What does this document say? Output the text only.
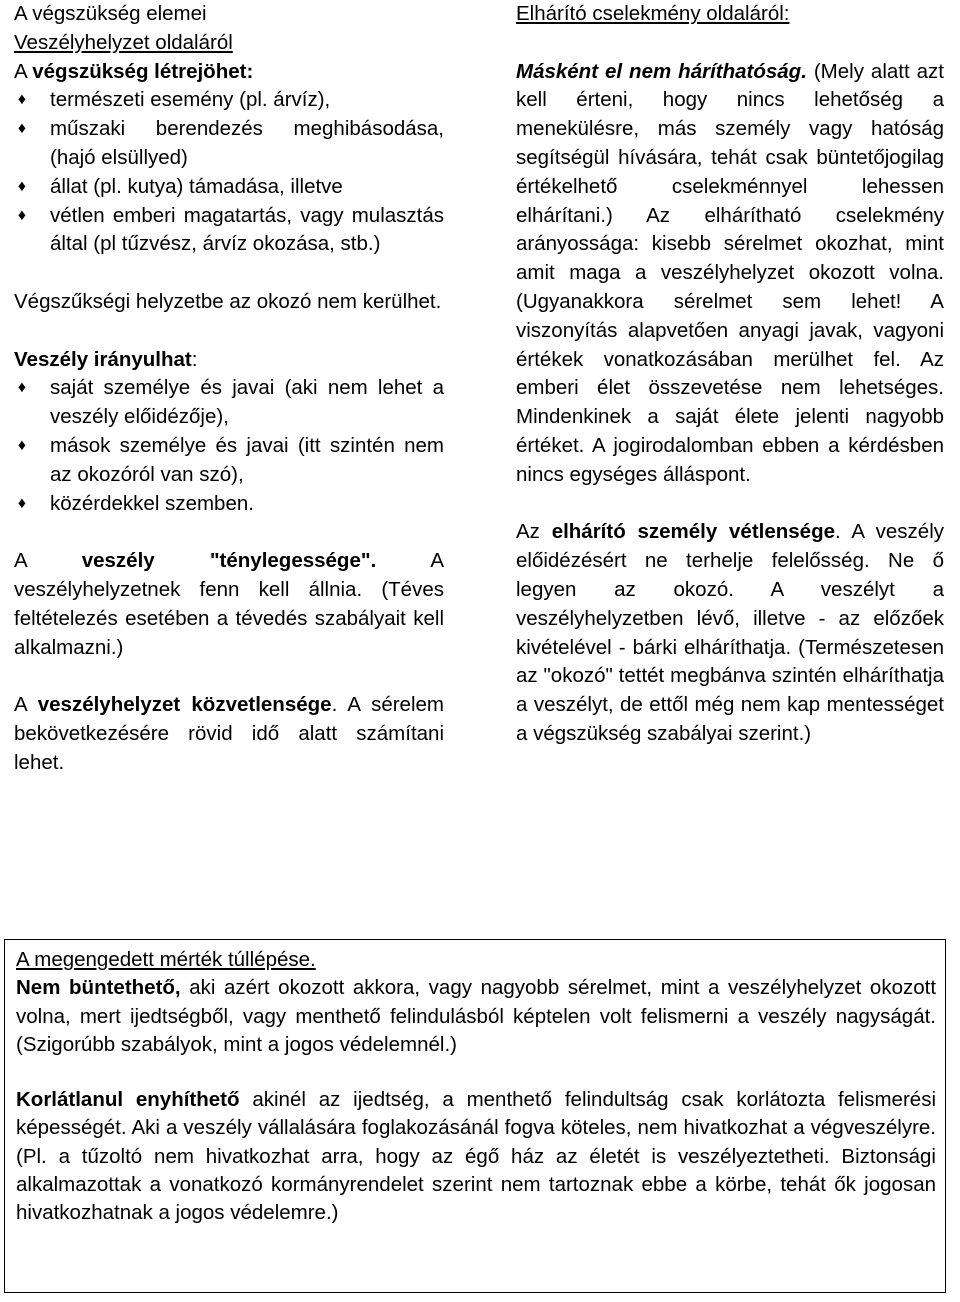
A végszükség elemei

Veszélyhelyzet oldaláról

A végszükség létrejöhet:

♦ természeti esemény (pl. árvíz),
♦ műszaki berendezés meghibásodása, (hajó elsüllyed)
♦ állat (pl. kutya) támadása, illetve
♦ vétlen emberi magatartás, vagy mulasztás által (pl tűzvész, árvíz okozása, stb.)

Végszűkségi helyzetbe az okozó nem kerülhet.

Veszély irányulhat:

♦ saját személye és javai (aki nem lehet a veszély előidézője),
♦ mások személye és javai (itt szintén nem az okozóról van szó),
♦ közérdekkel szemben.

A veszély "ténylegessége". A veszélyhelyzetnek fenn kell állnia. (Téves feltételezés esetében a tévedés szabályait kell alkalmazni.)

A veszélyhelyzet közvetlensége. A sérelem bekövetkezésére rövid idő alatt számítani lehet.

Elhárító cselekmény oldaláról:

Másként el nem háríthatóság. (Mely alatt azt kell érteni, hogy nincs lehetőség a menekülésre, más személy vagy hatóság segítségül hívására, tehát csak büntetőjogilag értékelhető cselekménnyel lehessen elhárítani.) Az elhárítható cselekmény arányossága: kisebb sérelmet okozhat, mint amit maga a veszélyhelyzet okozott volna. (Ugyanakkora sérelmet sem lehet! A viszonyítás alapvetően anyagi javak, vagyoni értékek vonatkozásában merülhet fel. Az emberi élet összevetése nem lehetséges. Mindenkinek a saját élete jelenti nagyobb értéket. A jogirodalomban ebben a kérdésben nincs egységes álláspont.

Az elhárító személy vétlensége. A veszély előidézésért ne terhelje felelősség. Ne ő legyen az okozó. A veszélyt a veszélyhelyzetben lévő, illetve - az előzőek kivételével - bárki elháríthatja. (Természetesen az "okozó" tettét megbánva szintén elháríthatja a veszélyt, de ettől még nem kap mentességet a végszükség szabályai szerint.)

A megengedett mérték túllépése.

Nem büntethető, aki azért okozott akkora, vagy nagyobb sérelmet, mint a veszélyhelyzet okozott volna, mert ijedtségből, vagy menthető felindulásból képtelen volt felismerni a veszély nagyságát. (Szigorúbb szabályok, mint a jogos védelemnél.)

Korlátlanul enyhíthető akinél az ijedtség, a menthető felindultság csak korlátozta felismerési képességét. Aki a veszély vállalására foglakozásánál fogva köteles, nem hivatkozhat a végveszélyre. (Pl. a tűzoltó nem hivatkozhat arra, hogy az égő ház az életét is veszélyeztetheti. Biztonsági alkalmazottak a vonatkozó kormányrendelet szerint nem tartoznak ebbe a körbe, tehát ők jogosan hivatkozhatnak a jogos védelemre.)
